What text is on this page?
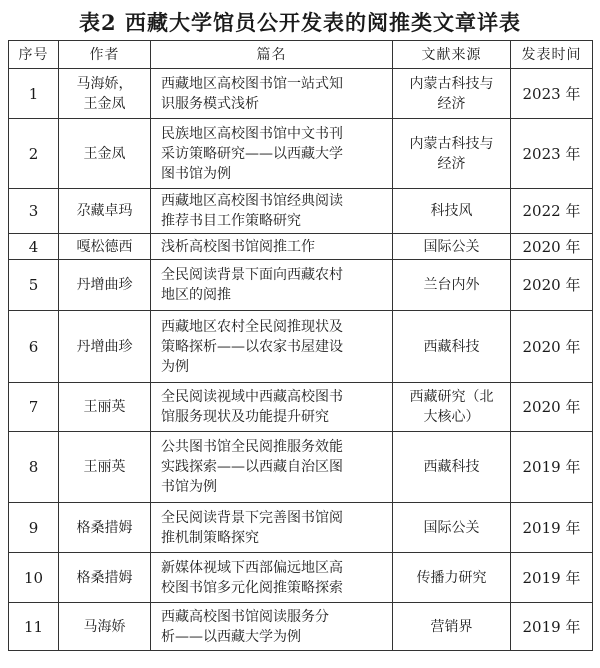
表2 西藏大学馆员公开发表的阅推类文章详表
序号	作者	篇名	文献来源	发表时间
1	马海娇，
王金凤	西藏地区高校图书馆一站式知
识服务模式浅析	内蒙古科技与
经济	2023 年
2	王金凤	民族地区高校图书馆中文书刊
采访策略研究——以西藏大学
图书馆为例	内蒙古科技与
经济	2023 年
3	尕藏卓玛	西藏地区高校图书馆经典阅读
推荐书目工作策略研究	科技风	2022 年
4	嘎松德西	浅析高校图书馆阅推工作	国际公关	2020 年
5	丹增曲珍	全民阅读背景下面向西藏农村
地区的阅推	兰台内外	2020 年
6	丹增曲珍	西藏地区农村全民阅推现状及
策略探析——以农家书屋建设
为例	西藏科技	2020 年
7	王丽英	全民阅读视域中西藏高校图书
馆服务现状及功能提升研究	西藏研究（北
大核心）	2020 年
8	王丽英	公共图书馆全民阅推服务效能
实践探索——以西藏自治区图
书馆为例	西藏科技	2019 年
9	格桑措姆	全民阅读背景下完善图书馆阅
推机制策略探究	国际公关	2019 年
10	格桑措姆	新媒体视域下西部偏远地区高
校图书馆多元化阅推策略探索	传播力研究	2019 年
11	马海娇	西藏高校图书馆阅读服务分
析——以西藏大学为例	营销界	2019 年
